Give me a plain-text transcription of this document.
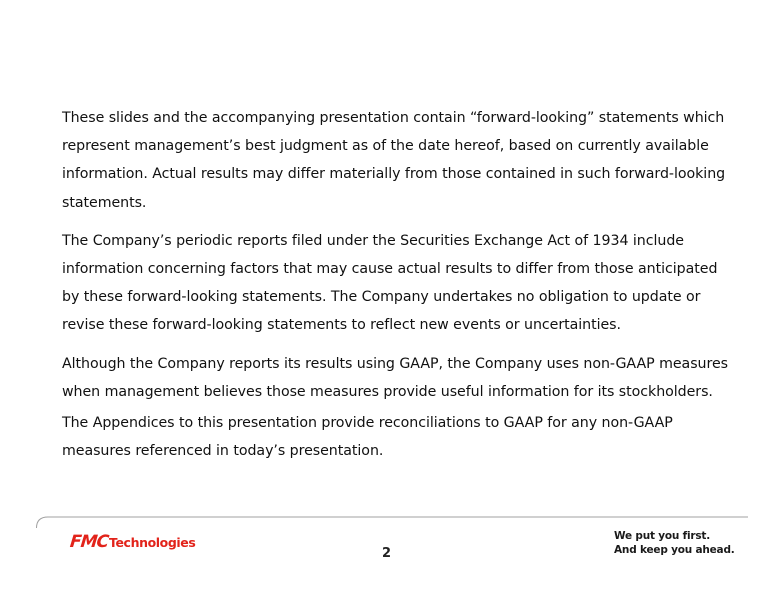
These slides and the accompanying presentation contain “forward-looking” statements which
represent management’s best judgment as of the date hereof, based on currently available
information. Actual results may differ materially from those contained in such forward-looking
statements.

The Company’s periodic reports filed under the Securities Exchange Act of 1934 include
information concerning factors that may cause actual results to differ from those anticipated
by these forward-looking statements. The Company undertakes no obligation to update or
revise these forward-looking statements to reflect new events or uncertainties.

Although the Company reports its results using GAAP, the Company uses non-GAAP measures
when management believes those measures provide useful information for its stockholders.

The Appendices to this presentation provide reconciliations to GAAP for any non-GAAP
measures referenced in today’s presentation.

FMCTechnologies
2
We put you first.
And keep you ahead.
